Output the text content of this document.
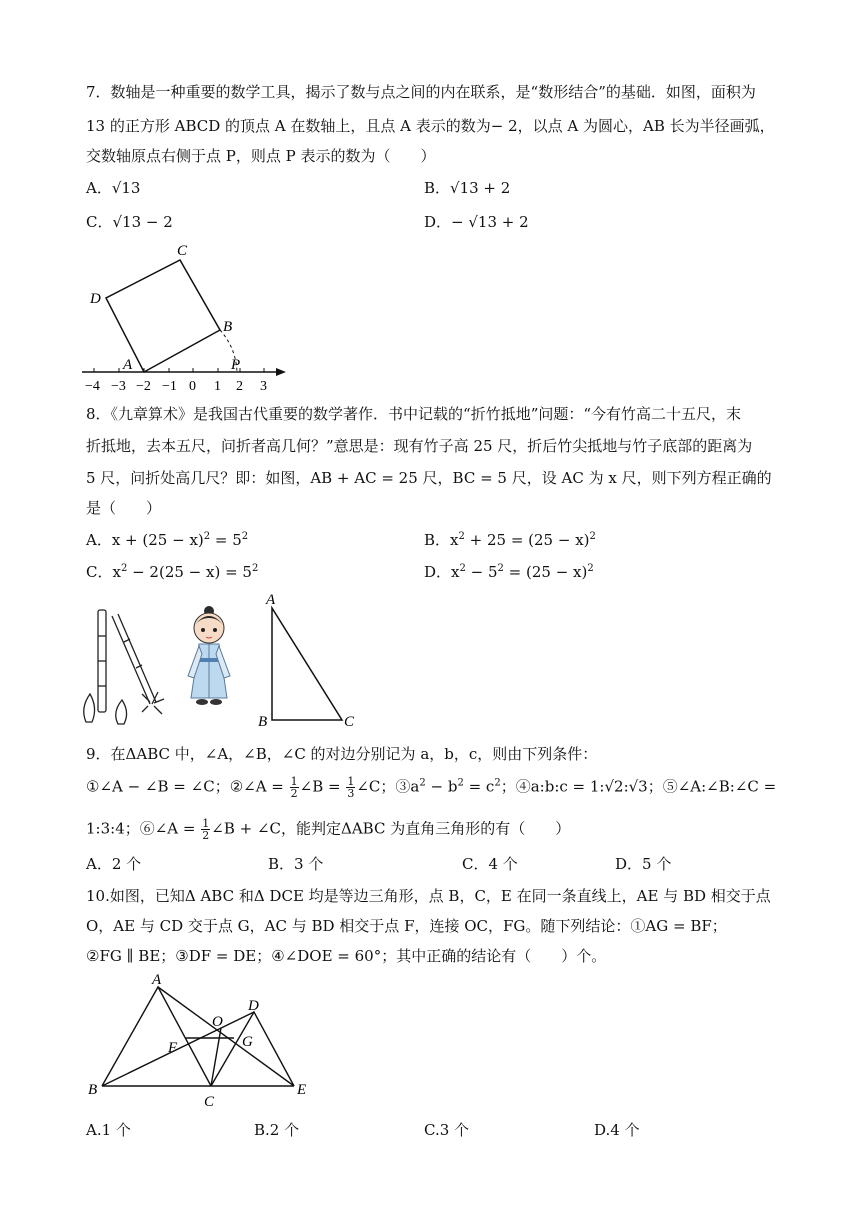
7．数轴是一种重要的数学工具，揭示了数与点之间的内在联系，是“数形结合”的基础．如图，面积为
13 的正方形 ABCD 的顶点 A 在数轴上，且点 A 表示的数为− 2，以点 A 为圆心，AB 长为半径画弧，
交数轴原点右侧于点 P，则点 P 表示的数为（　　）
A．√13	B．√13 + 2
C．√13 − 2	D．− √13 + 2
C
D
B
A	P
−4 −3 −2 −1 0 1 2 3
8．《九章算术》是我国古代重要的数学著作．书中记载的“折竹抵地”问题：“今有竹高二十五尺，末
折抵地，去本五尺，问折者高几何？”意思是：现有竹子高 25 尺，折后竹尖抵地与竹子底部的距离为
5 尺，问折处高几尺？即：如图，AB + AC = 25 尺，BC = 5 尺，设 AC 为 x 尺，则下列方程正确的
是（　　）
A．$x + (25 - x)^2 = 5^2$	B．$x^2 + 25 = (25 - x)^2$
C．$x^2 - 2(25 - x) = 5^2$	D．$x^2 - 5^2 = (25 - x)^2$
A
B	C
9．在ΔABC 中，∠A，∠B，∠C 的对边分别记为 a，b，c，则由下列条件：
①∠A − ∠B = ∠C；②∠A = $\frac{1}{2}$ ∠B = $\frac{1}{3}$ ∠C；$③a^2 - b^2 = c^2$；④a:b:c = 1:√2:√3；⑤∠A:∠B:∠C =
1:3:4；⑥∠A = $\frac{1}{2}$ ∠B + ∠C，能判定ΔABC 为直角三角形的有（　　）
A．2 个	B．3 个	C．4 个	D．5 个
10.如图，已知Δ ABC 和Δ DCE 均是等边三角形，点 B，C，E 在同一条直线上，AE 与 BD 相交于点
O，AE 与 CD 交于点 G，AC 与 BD 相交于点 F，连接 OC，FG。随下列结论：①AG = BF；
②FG ∥ BE；③DF = DE；④∠DOE = 60°；其中正确的结论有（　　）个。
A
D
O
G
F
B
C
E
A.1 个	B.2 个	C.3 个	D.4 个
